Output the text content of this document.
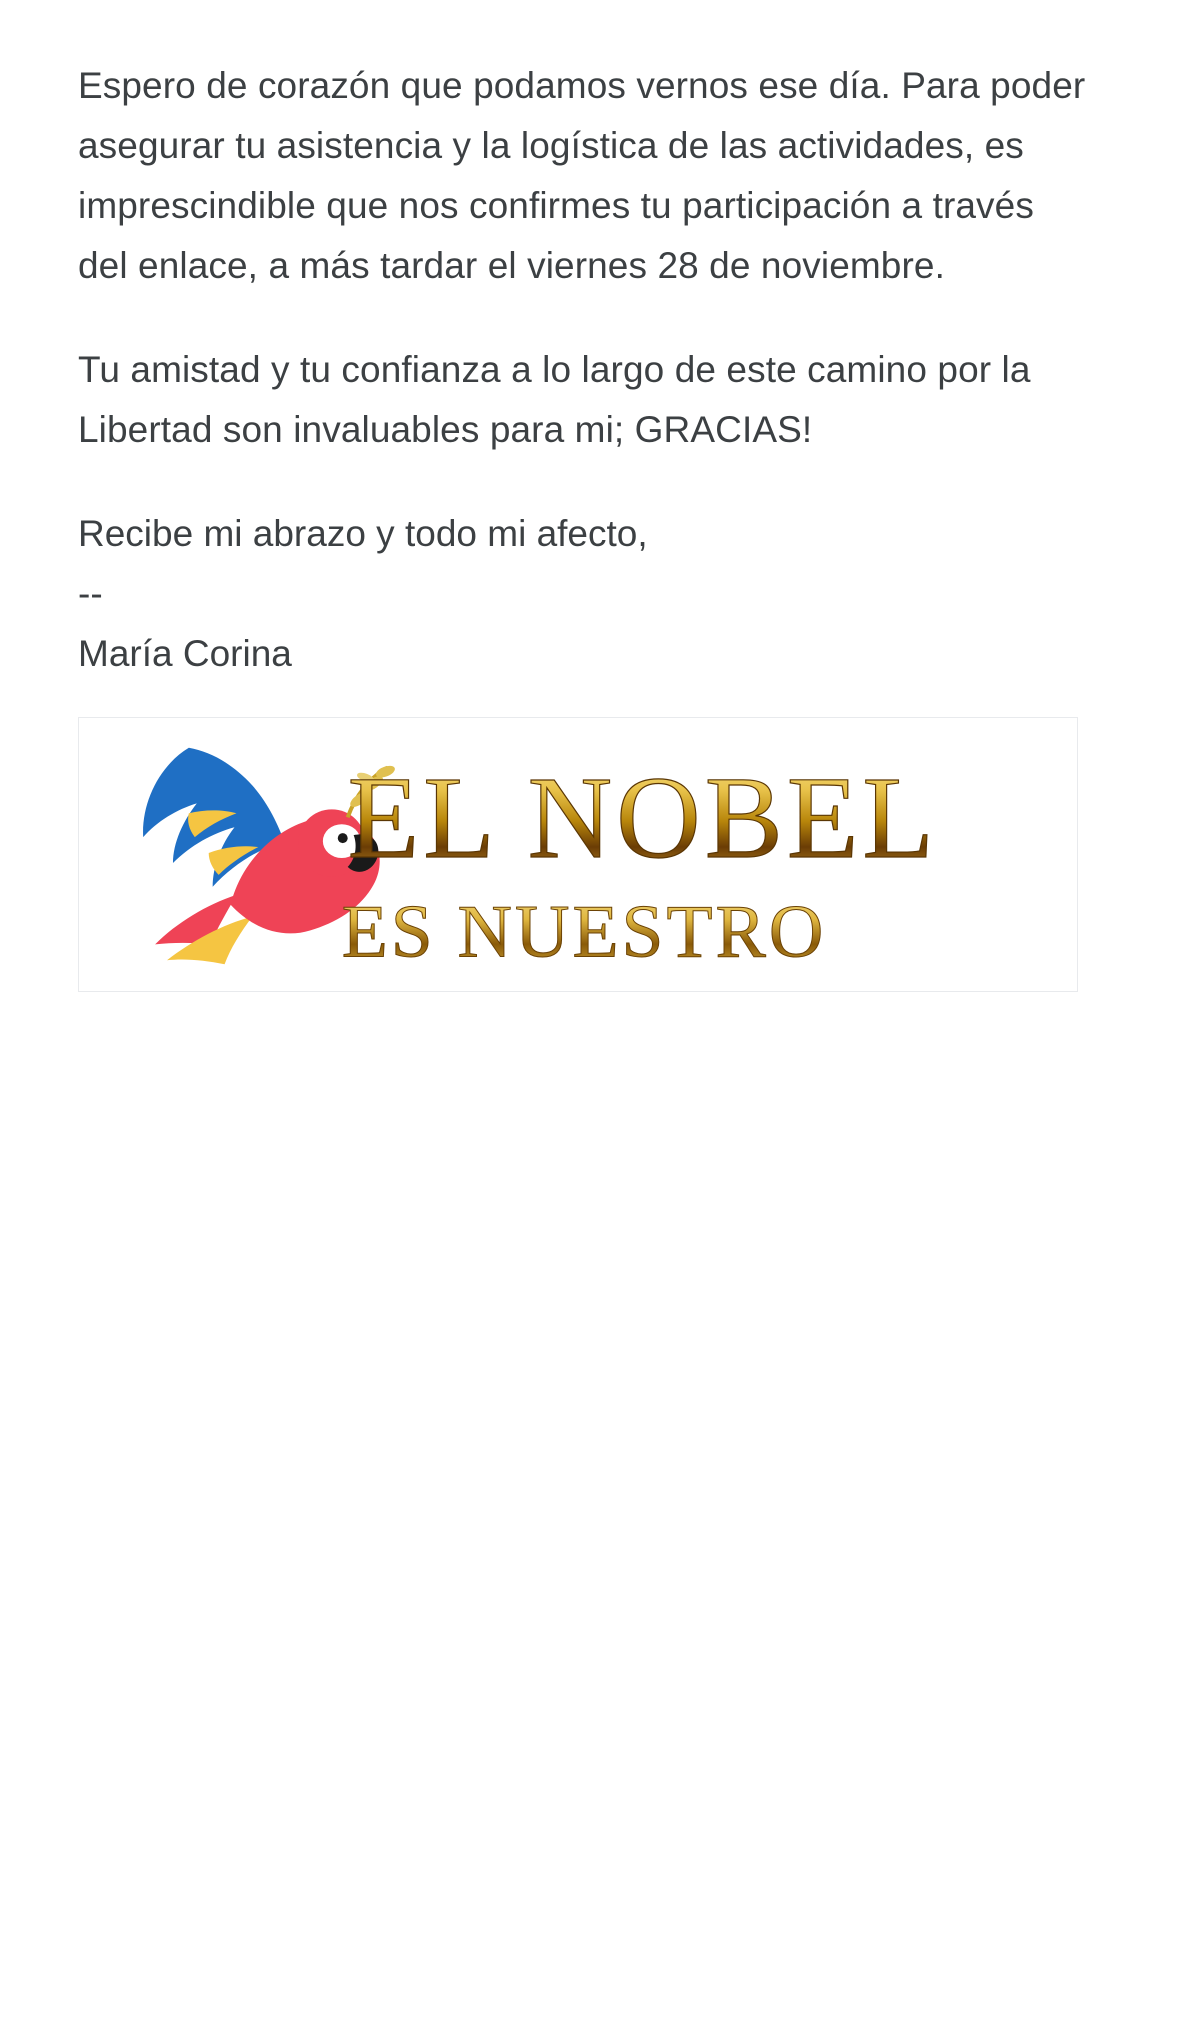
Espero de corazón que podamos vernos ese día. Para poder asegurar tu asistencia y la logística de las actividades, es imprescindible que nos confirmes tu participación a través del enlace, a más tardar el viernes 28 de noviembre.

Tu amistad y tu confianza a lo largo de este camino por la Libertad son invaluables para mi; GRACIAS!

Recibe mi abrazo y todo mi afecto,
--
María Corina
EL NOBEL
ES NUESTRO
